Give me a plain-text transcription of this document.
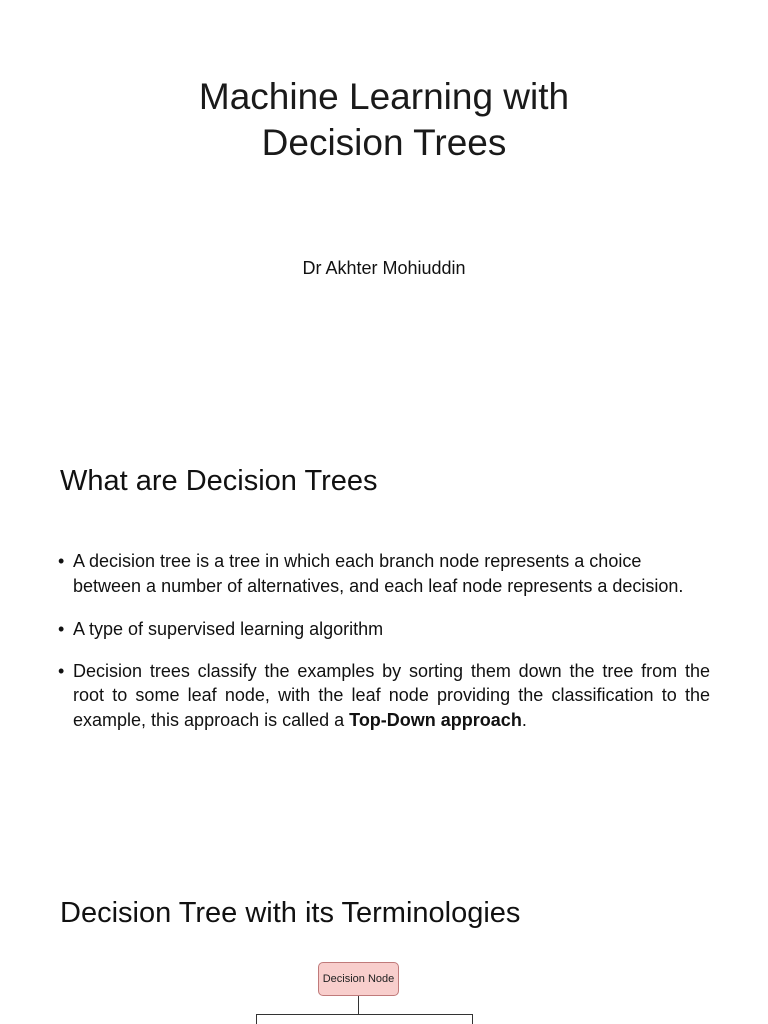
Machine Learning with
Decision Trees
Dr Akhter Mohiuddin
What are Decision Trees
• A decision tree is a tree in which each branch node represents a choice between a number of alternatives, and each leaf node represents a decision.
• A type of supervised learning algorithm
• Decision trees classify the examples by sorting them down the tree from the root to some leaf node, with the leaf node providing the classification to the example, this approach is called a Top-Down approach.
Decision Tree with its Terminologies
Decision Node
